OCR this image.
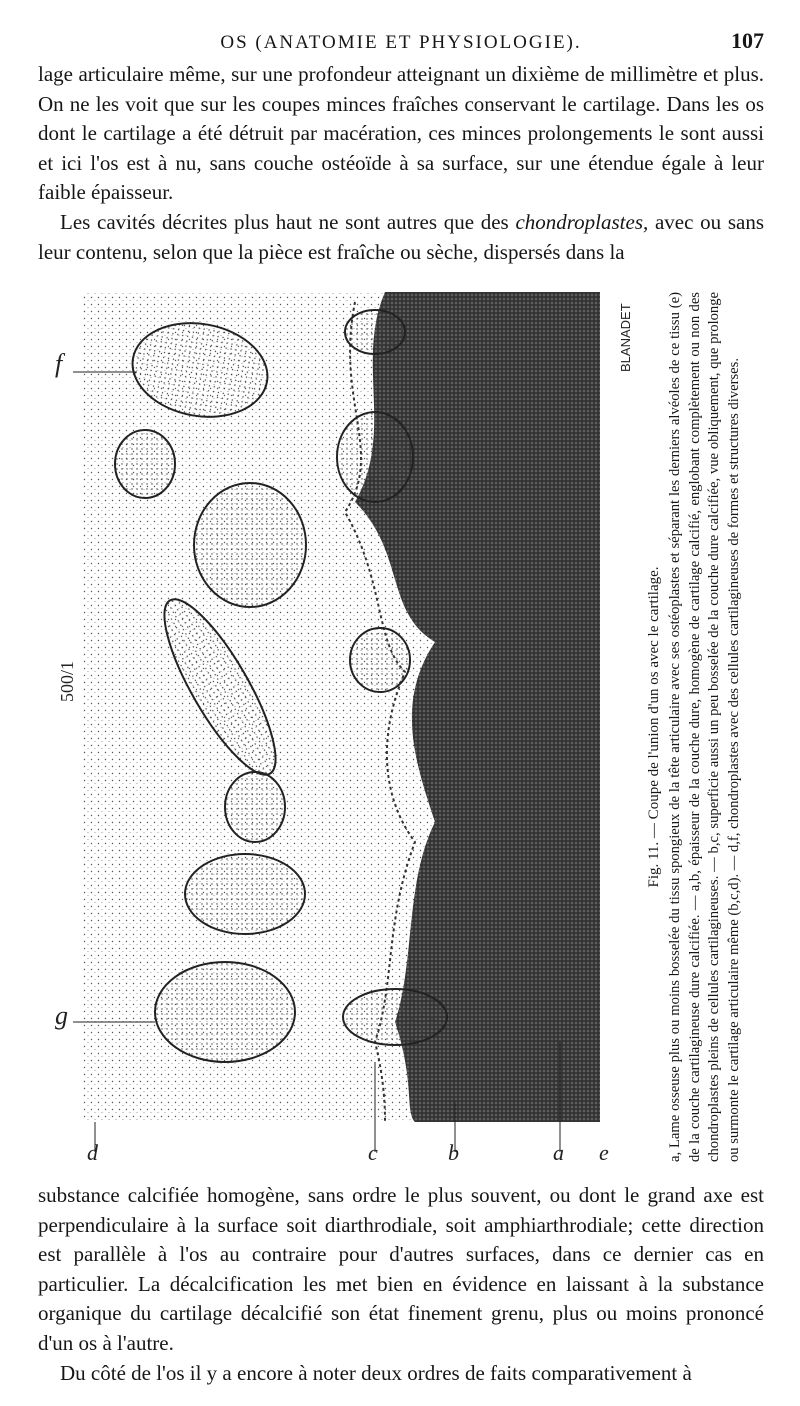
OS (ANATOMIE ET PHYSIOLOGIE).	107

lage articulaire même, sur une profondeur atteignant un dixième de millimètre et plus. On ne les voit que sur les coupes minces fraîches conservant le cartilage. Dans les os dont le cartilage a été détruit par macération, ces minces prolongements le sont aussi et ici l'os est à nu, sans couche ostéoïde à sa surface, sur une étendue égale à leur faible épaisseur.

Les cavités décrites plus haut ne sont autres que des chondroplastes, avec ou sans leur contenu, selon que la pièce est fraîche ou sèche, dispersés dans la

f
g
d	c	b	a e
500/1
BLANADET

Fig. 11. — Coupe de l'union d'un os avec le cartilage. a, Lame osseuse plus ou moins bosselée du tissu spongieux de la tête articulaire avec ses ostéoplastes et séparant les derniers alvéoles de ce tissu (e) de la couche cartilagineuse dure calcifiée. — a,b, épaisseur de la couche dure, homogène de cartilage calcifié, englobant complètement ou non des chondroplastes pleins de cellules cartilagineuses. — b,c, superficie aussi un peu bosselée de la couche dure calcifiée, vue obliquement, que prolonge ou surmonte le cartilage articulaire même (b,c,d). — d,f, chondroplastes avec des cellules cartilagineuses de formes et structures diverses.

substance calcifiée homogène, sans ordre le plus souvent, ou dont le grand axe est perpendiculaire à la surface soit diarthrodiale, soit amphiarthrodiale; cette direction est parallèle à l'os au contraire pour d'autres surfaces, dans ce dernier cas en particulier. La décalcification les met bien en évidence en laissant à la substance organique du cartilage décalcifié son état finement grenu, plus ou moins prononcé d'un os à l'autre.

Du côté de l'os il y a encore à noter deux ordres de faits comparativement à
